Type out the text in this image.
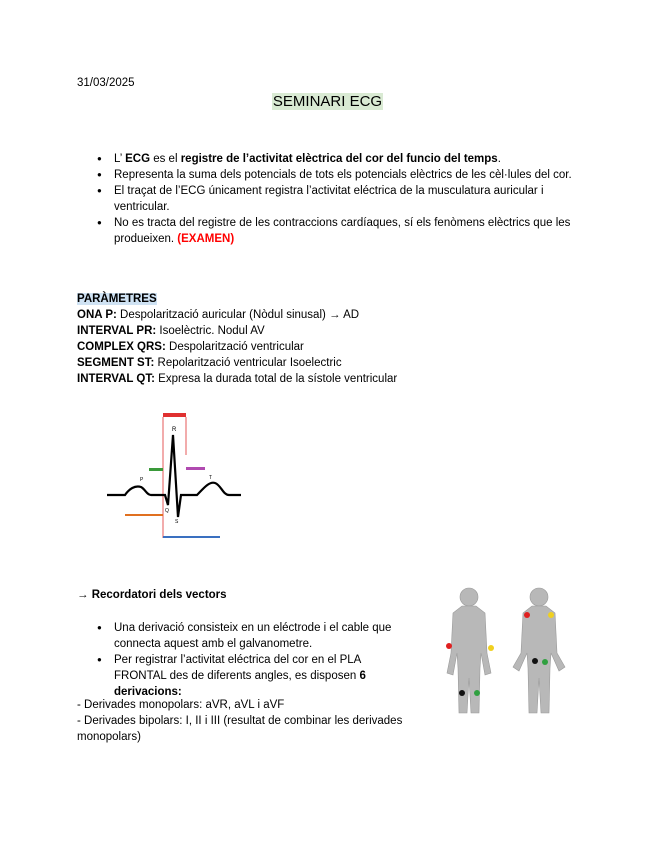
31/03/2025
SEMINARI ECG
● L’ ECG es el registre de l’activitat elèctrica del cor del funcio del temps.
● Representa la suma dels potencials de tots els potencials elèctrics de les cèl·lules del cor.
● El traçat de l’ECG únicament registra l’activitat eléctrica de la musculatura auricular i ventricular.
● No es tracta del registre de les contraccions cardíaques, sí els fenòmens elèctrics que les produeixen. (EXAMEN)
PARÀMETRES
ONA P: Despolarització auricular (Nòdul sinusal) → AD
INTERVAL PR: Isoelèctric. Nodul AV
COMPLEX QRS: Despolarització ventricular
SEGMENT ST: Repolarització ventricular Isoelectric
INTERVAL QT: Expresa la durada total de la sístole ventricular
R
P	T
Q
S
→ Recordatori dels vectors
● Una derivació consisteix en un eléctrode i el cable que connecta aquest amb el galvanometre.
● Per registrar l’activitat eléctrica del cor en el PLA FRONTAL des de diferents angles, es disposen 6 derivacions:
- Derivades monopolars: aVR, aVL i aVF
- Derivades bipolars: I, II i III (resultat de combinar les derivades monopolars)
